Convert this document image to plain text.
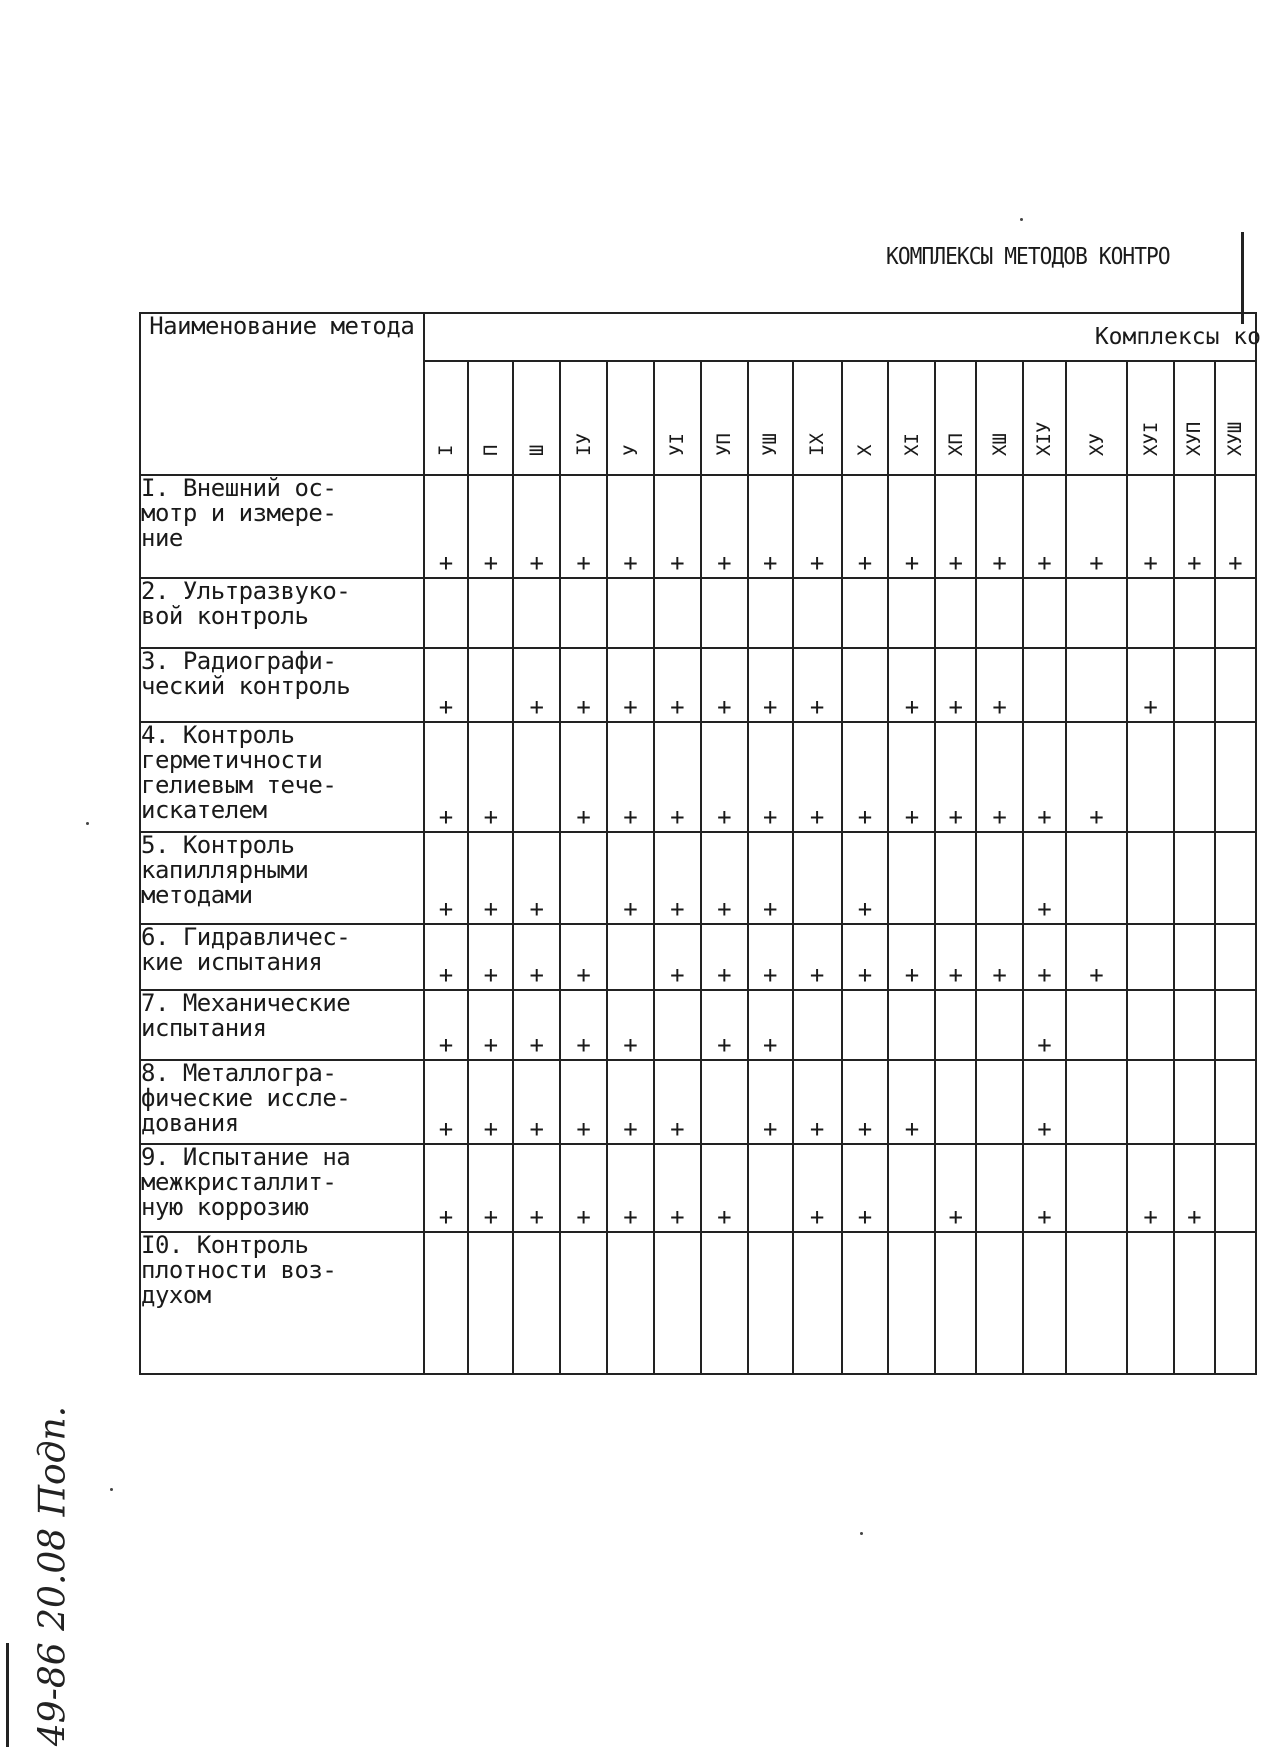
КОМПЛЕКСЫ МЕТОДОВ КОНТРО
Наименование метода	Комплексы ко																	

	I	П	Ш	IУ	У	УI	УП	УШ	IХ	Х	ХI	ХП	ХШ	ХIУ	ХУ	ХУI	ХУП	ХУШ

I. Внешний ос-
мотр и измере-
ние	+	+	+	+	+	+	+	+	+	+	+	+	+	+	+	+	+	+
2. Ультразвуко-
вой контроль																		
3. Радиографи-
ческий контроль	+		+	+	+	+	+	+	+		+	+	+			+		
4. Контроль
герметичности
гелиевым тече-
искателем	+	+		+	+	+	+	+	+	+	+	+	+	+	+			
5. Контроль
капиллярными
методами	+	+	+		+	+	+	+		+				+				
6. Гидравличес-
кие испытания	+	+	+	+		+	+	+	+	+	+	+	+	+	+			
7. Механические
испытания	+	+	+	+	+		+	+						+				
8. Металлогра-
фические иссле-
дования	+	+	+	+	+	+		+	+	+	+			+				
9. Испытание на
межкристаллит-
ную коррозию	+	+	+	+	+	+	+		+	+		+		+		+	+	
I0. Контроль
плотности воз-
духом																		
49-86 20.08 Подп.
